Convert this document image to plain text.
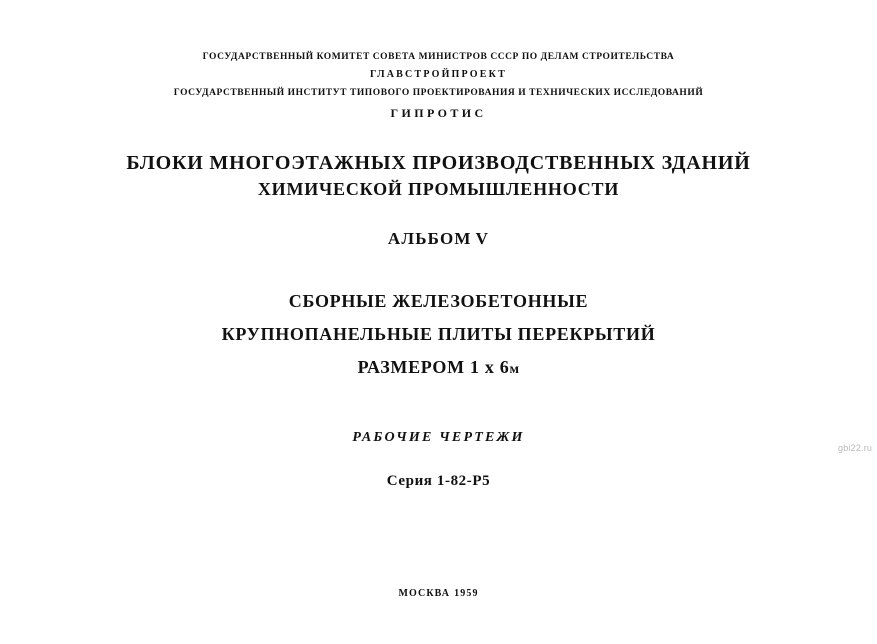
ГОСУДАРСТВЕННЫЙ КОМИТЕТ СОВЕТА МИНИСТРОВ СССР ПО ДЕЛАМ СТРОИТЕЛЬСТВА
ГЛАВСТРОЙПРОЕКТ
ГОСУДАРСТВЕННЫЙ ИНСТИТУТ ТИПОВОГО ПРОЕКТИРОВАНИЯ И ТЕХНИЧЕСКИХ ИССЛЕДОВАНИЙ
ГИПРОТИС
БЛОКИ МНОГОЭТАЖНЫХ ПРОИЗВОДСТВЕННЫХ ЗДАНИЙ
ХИМИЧЕСКОЙ ПРОМЫШЛЕННОСТИ
АЛЬБОМ V
СБОРНЫЕ ЖЕЛЕЗОБЕТОННЫЕ
КРУПНОПАНЕЛЬНЫЕ ПЛИТЫ ПЕРЕКРЫТИЙ
РАЗМЕРОМ 1 х 6м
РАБОЧИЕ ЧЕРТЕЖИ
Серия 1-82-Р5
МОСКВА 1959
gbi22.ru
